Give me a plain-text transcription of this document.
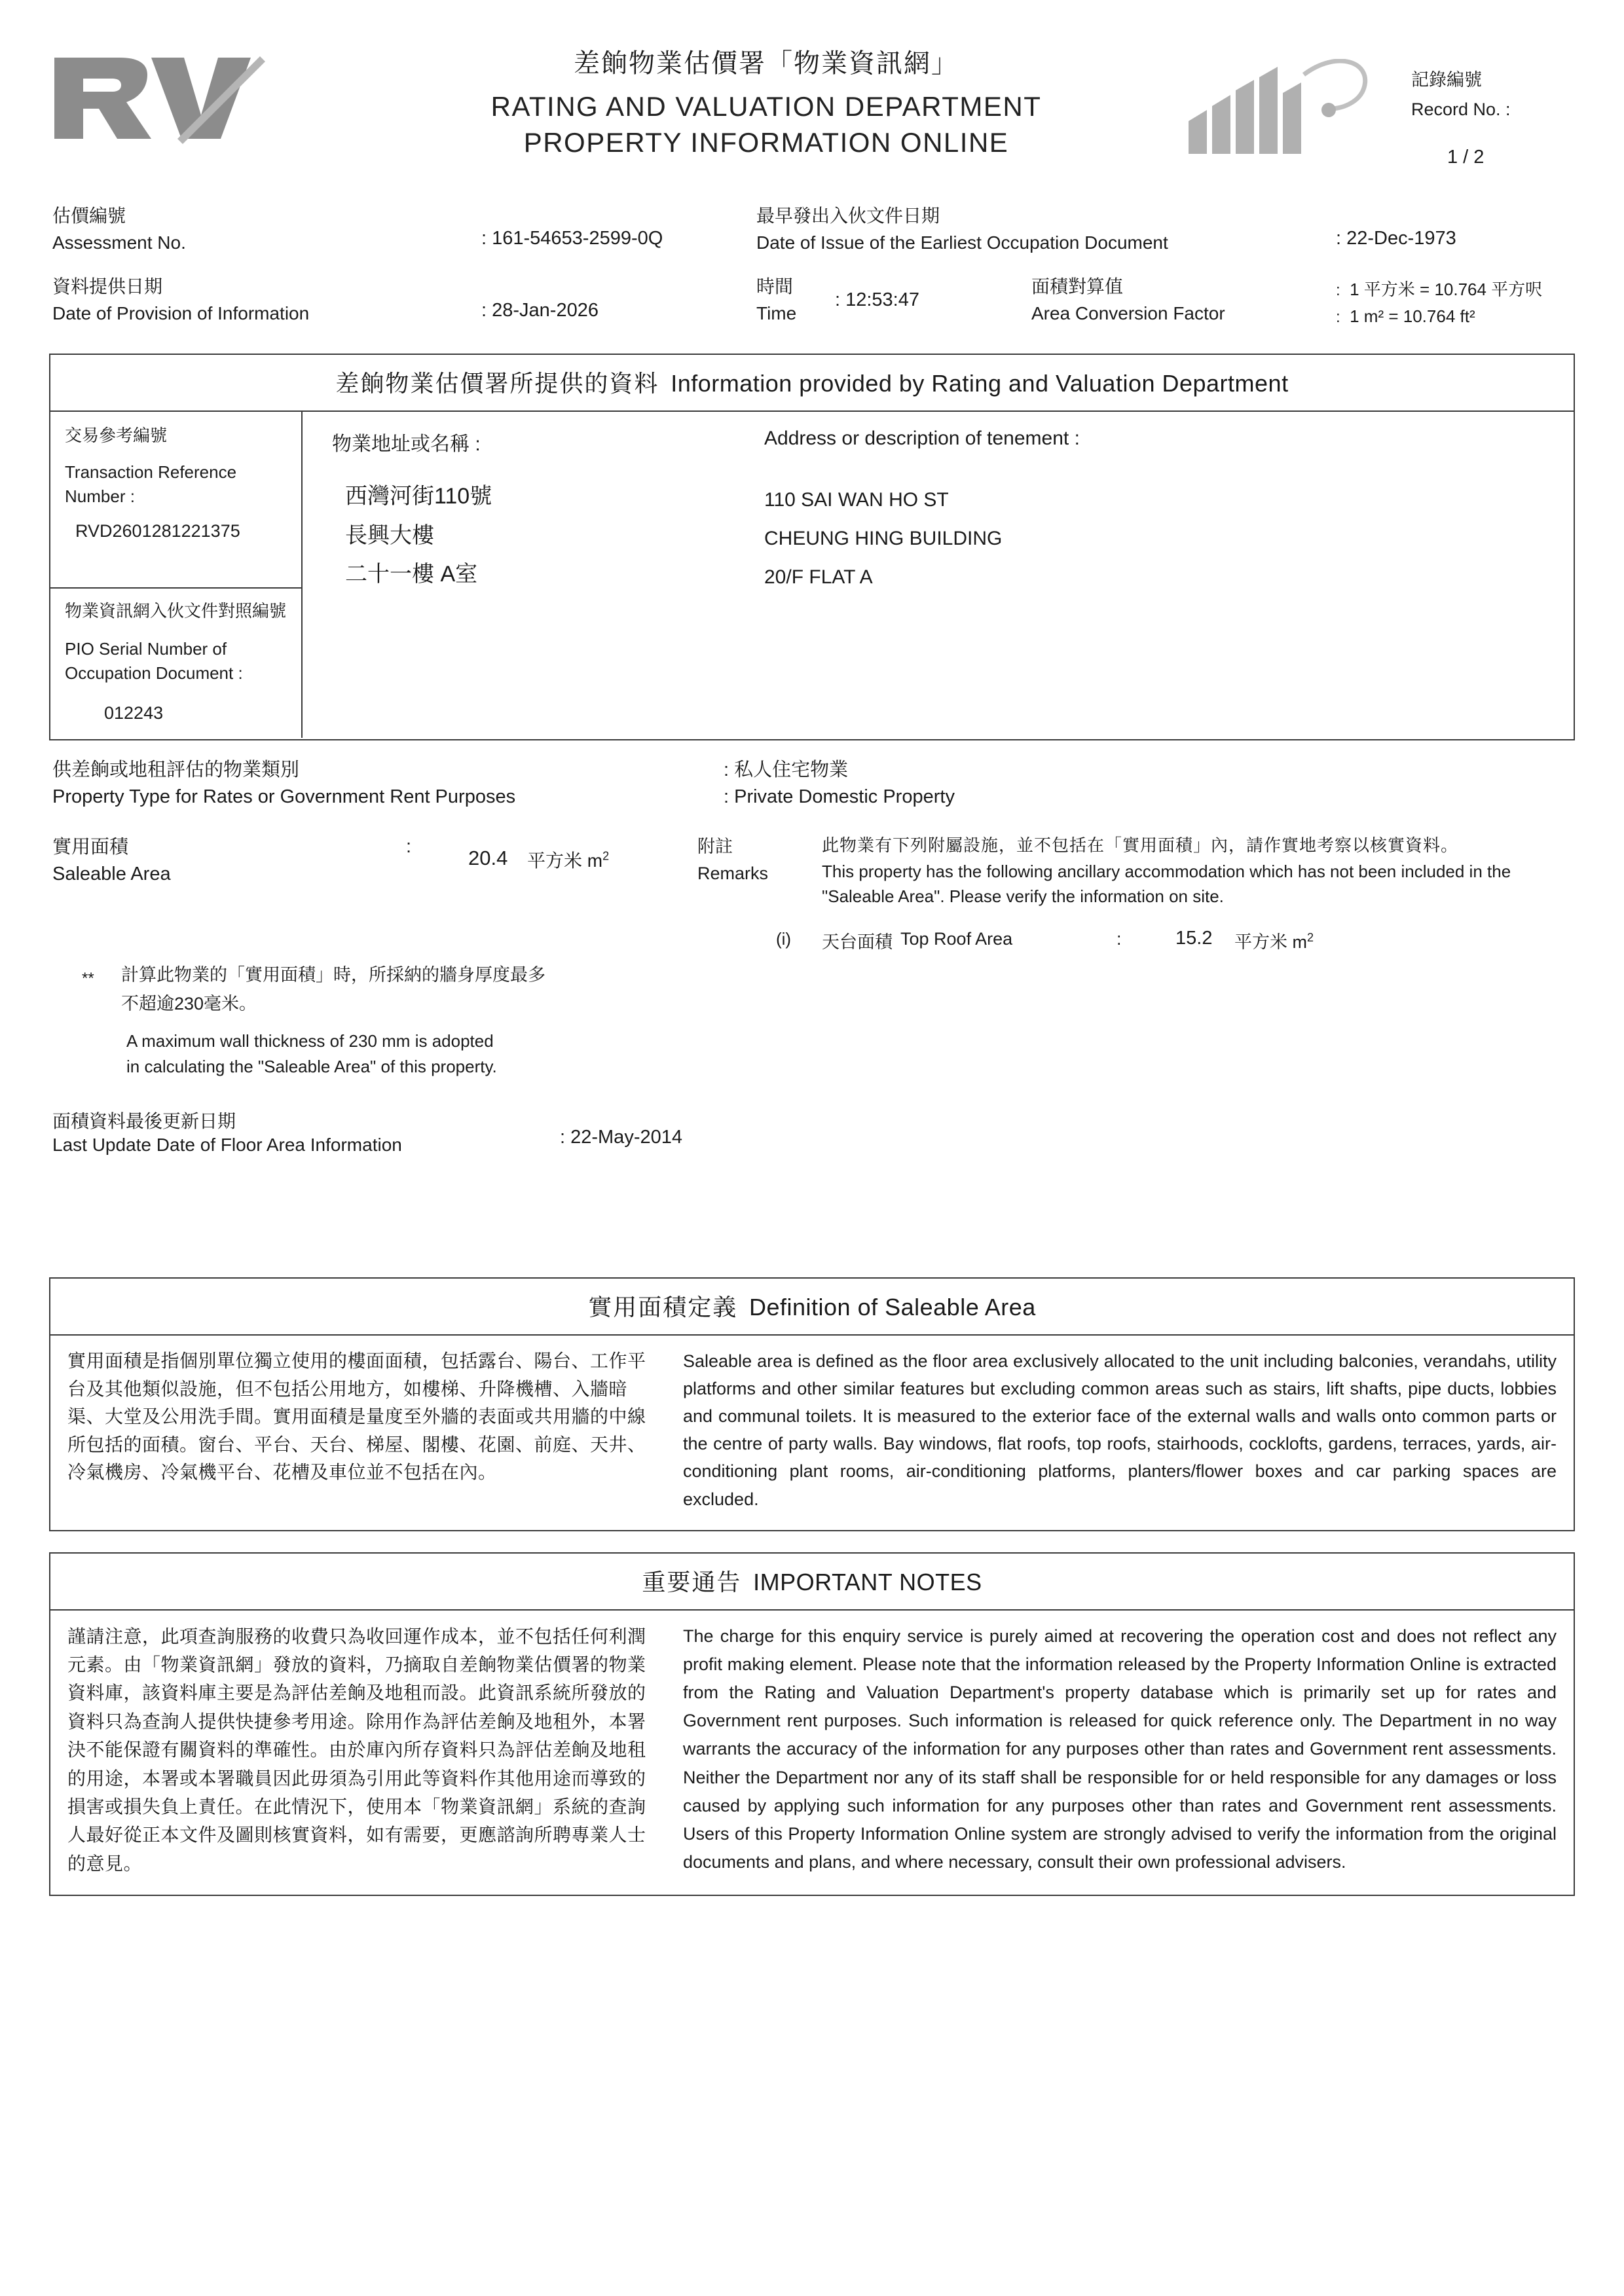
差餉物業估價署「物業資訊網」
RATING AND VALUATION DEPARTMENT
PROPERTY INFORMATION ONLINE
記錄編號
Record No. :
1 / 2
估價編號
Assessment No.	: 161-54653-2599-0Q
資料提供日期
Date of Provision of Information	: 28-Jan-2026
最早發出入伙文件日期
Date of Issue of the Earliest Occupation Document	: 22-Dec-1973
時間
Time
: 12:53:47
面積對算值
Area Conversion Factor
: 1 平方米 = 10.764 平方呎
: 1 m² = 10.764 ft²
差餉物業估價署所提供的資料 Information provided by Rating and Valuation Department
交易參考編號
Transaction Reference Number :
RVD2601281221375
物業資訊網入伙文件對照編號
PIO Serial Number of Occupation Document :
012243
物業地址或名稱 :	Address or description of tenement :
西灣河街110號
長興大樓
二十一樓 A室
110 SAI WAN HO ST
CHEUNG HING BUILDING
20/F FLAT A
供差餉或地租評估的物業類別
Property Type for Rates or Government Rent Purposes
: 私人住宅物業
: Private Domestic Property
實用面積
Saleable Area
:	20.4 平方米 $m^2$	附註
Remarks
此物業有下列附屬設施，並不包括在「實用面積」內，請作實地考察以核實資料。
This property has the following ancillary accommodation which has not been included in the "Saleable Area". Please verify the information on site.
(i) 天台面積 Top Roof Area	:	15.2 平方米 $m^2$
** 計算此物業的「實用面積」時，所採納的牆身厚度最多
不超逾230毫米。
A maximum wall thickness of 230 mm is adopted
in calculating the "Saleable Area" of this property.
面積資料最後更新日期
Last Update Date of Floor Area Information	: 22-May-2014
實用面積定義 Definition of Saleable Area
實用面積是指個別單位獨立使用的樓面面積，包括露台、陽台、工作平台及其他類似設施，但不包括公用地方，如樓梯、升降機槽、入牆暗渠、大堂及公用洗手間。實用面積是量度至外牆的表面或共用牆的中線所包括的面積。窗台、平台、天台、梯屋、閣樓、花園、前庭、天井、冷氣機房、冷氣機平台、花槽及車位並不包括在內。
Saleable area is defined as the floor area exclusively allocated to the unit including balconies, verandahs, utility platforms and other similar features but excluding common areas such as stairs, lift shafts, pipe ducts, lobbies and communal toilets. It is measured to the exterior face of the external walls and walls onto common parts or the centre of party walls. Bay windows, flat roofs, top roofs, stairhoods, cocklofts, gardens, terraces, yards, air-conditioning plant rooms, air-conditioning platforms, planters/flower boxes and car parking spaces are excluded.
重要通告 IMPORTANT NOTES
謹請注意，此項查詢服務的收費只為收回運作成本，並不包括任何利潤元素。由「物業資訊網」發放的資料，乃摘取自差餉物業估價署的物業資料庫，該資料庫主要是為評估差餉及地租而設。此資訊系統所發放的資料只為查詢人提供快捷參考用途。除用作為評估差餉及地租外，本署決不能保證有關資料的準確性。由於庫內所存資料只為評估差餉及地租的用途，本署或本署職員因此毋須為引用此等資料作其他用途而導致的損害或損失負上責任。在此情況下，使用本「物業資訊網」系統的查詢人最好從正本文件及圖則核實資料，如有需要，更應諮詢所聘專業人士的意見。
The charge for this enquiry service is purely aimed at recovering the operation cost and does not reflect any profit making element. Please note that the information released by the Property Information Online is extracted from the Rating and Valuation Department's property database which is primarily set up for rates and Government rent purposes. Such information is released for quick reference only. The Department in no way warrants the accuracy of the information for any purposes other than rates and Government rent assessments. Neither the Department nor any of its staff shall be responsible for or held responsible for any damages or loss caused by applying such information for any purposes other than rates and Government rent assessments. Users of this Property Information Online system are strongly advised to verify the information from the original documents and plans, and where necessary, consult their own professional advisers.
